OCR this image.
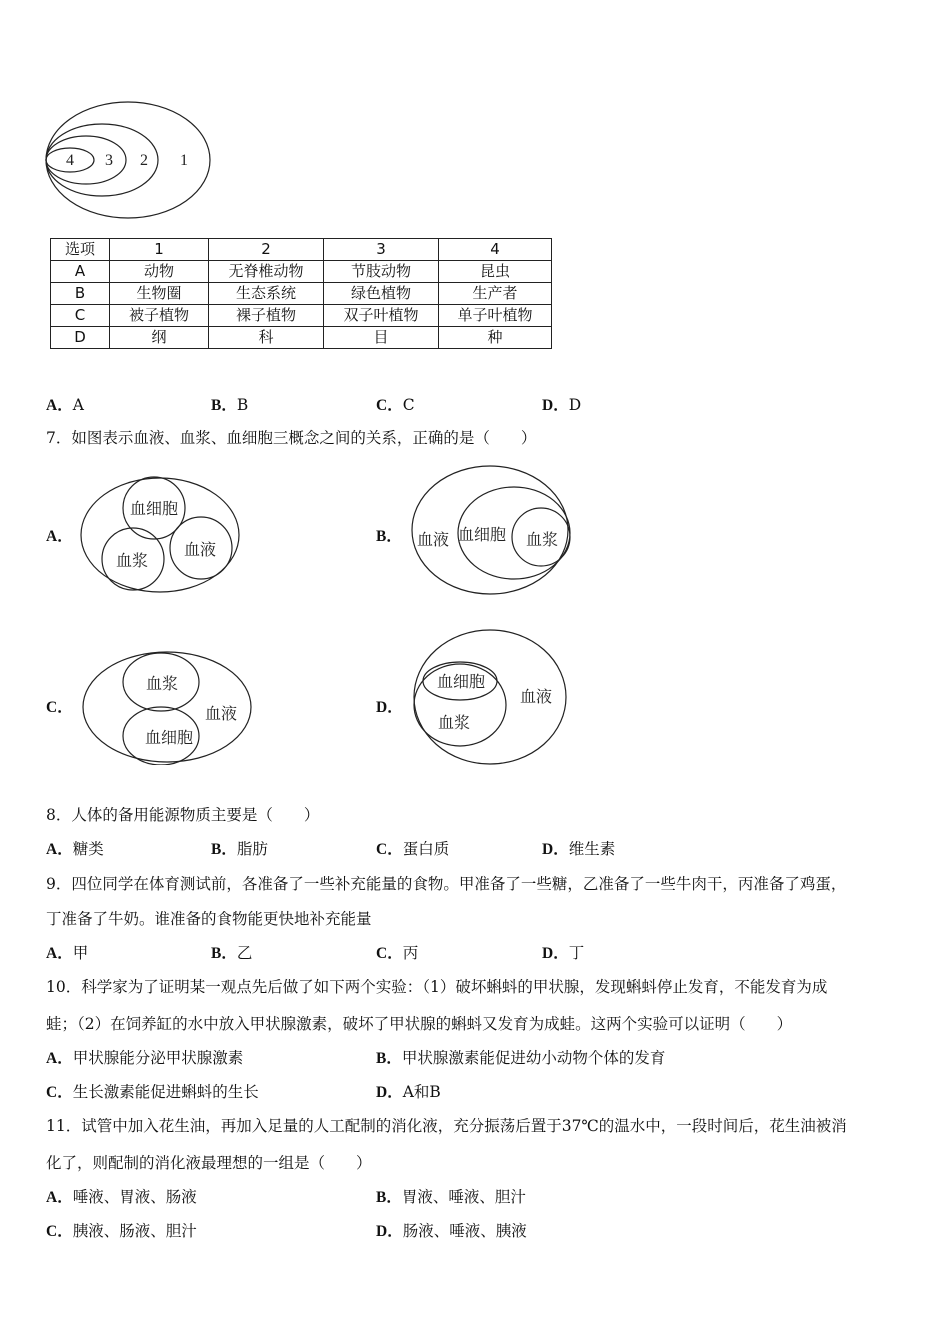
4 3 2 1
选项	1	2	3	4
A	动物	无脊椎动物	节肢动物	昆虫
B	生物圈	生态系统	绿色植物	生产者
C	被子植物	裸子植物	双子叶植物	单子叶植物
D	纲	科	目	种
A．A	B．B	C．C	D．D
7．如图表示血液、血浆、血细胞三概念之间的关系，正确的是（　　）
A．
血细胞
血浆
血液
B． 血液 血细胞 血浆
C．
血浆
血细胞
血液	D．
血细胞
血浆
血液
8．人体的备用能源物质主要是（　　）
A．糖类	B．脂肪	C．蛋白质	D．维生素
9．四位同学在体育测试前，各准备了一些补充能量的食物。甲准备了一些糖，乙准备了一些牛肉干，丙准备了鸡蛋，
丁准备了牛奶。谁准备的食物能更快地补充能量
A．甲	B．乙	C．丙	D．丁
10．科学家为了证明某一观点先后做了如下两个实验：（1）破坏蝌蚪的甲状腺，发现蝌蚪停止发育，不能发育为成
蛙；（2）在饲养缸的水中放入甲状腺激素，破坏了甲状腺的蝌蚪又发育为成蛙。这两个实验可以证明（　　）
A．甲状腺能分泌甲状腺激素	B．甲状腺激素能促进幼小动物个体的发育
C．生长激素能促进蝌蚪的生长	D．A和B
11．试管中加入花生油，再加入足量的人工配制的消化液，充分振荡后置于37℃的温水中，一段时间后，花生油被消
化了，则配制的消化液最理想的一组是（　　）
A．唾液、胃液、肠液	B．胃液、唾液、胆汁
C．胰液、肠液、胆汁	D．肠液、唾液、胰液
